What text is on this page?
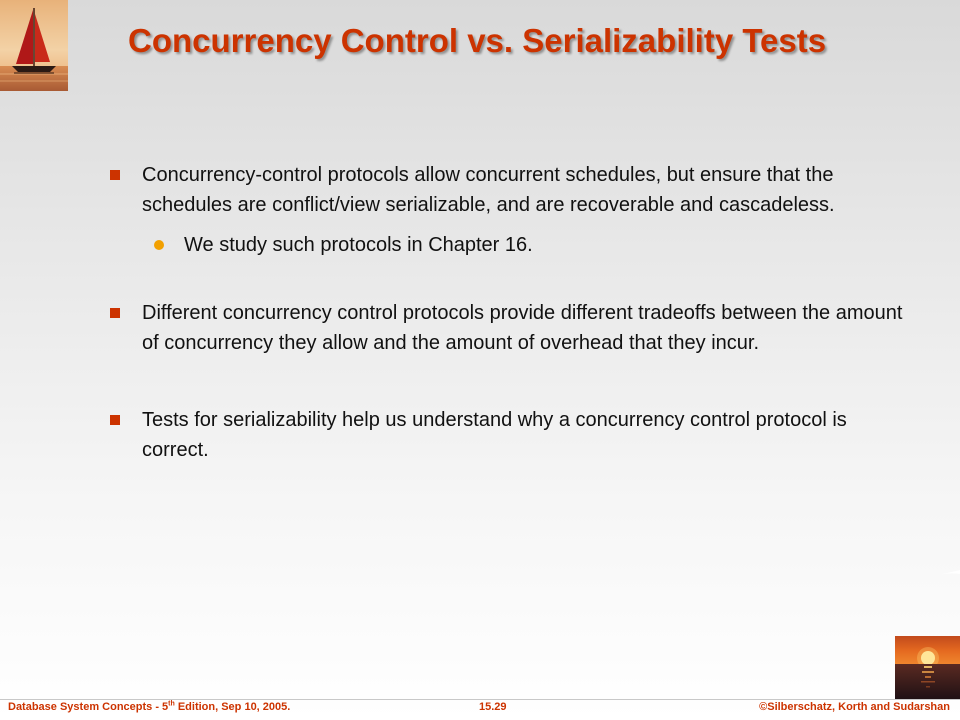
Concurrency Control vs. Serializability Tests
Concurrency-control protocols allow concurrent schedules, but ensure that the schedules are conflict/view serializable, and are recoverable and cascadeless.
We study such protocols in Chapter 16.
Different concurrency control protocols provide different tradeoffs between the amount of concurrency they allow and the amount of overhead that they incur.
Tests for serializability help us understand why a concurrency control protocol is correct.
Database System Concepts - 5th Edition, Sep 10, 2005.	15.29	©Silberschatz, Korth and Sudarshan
